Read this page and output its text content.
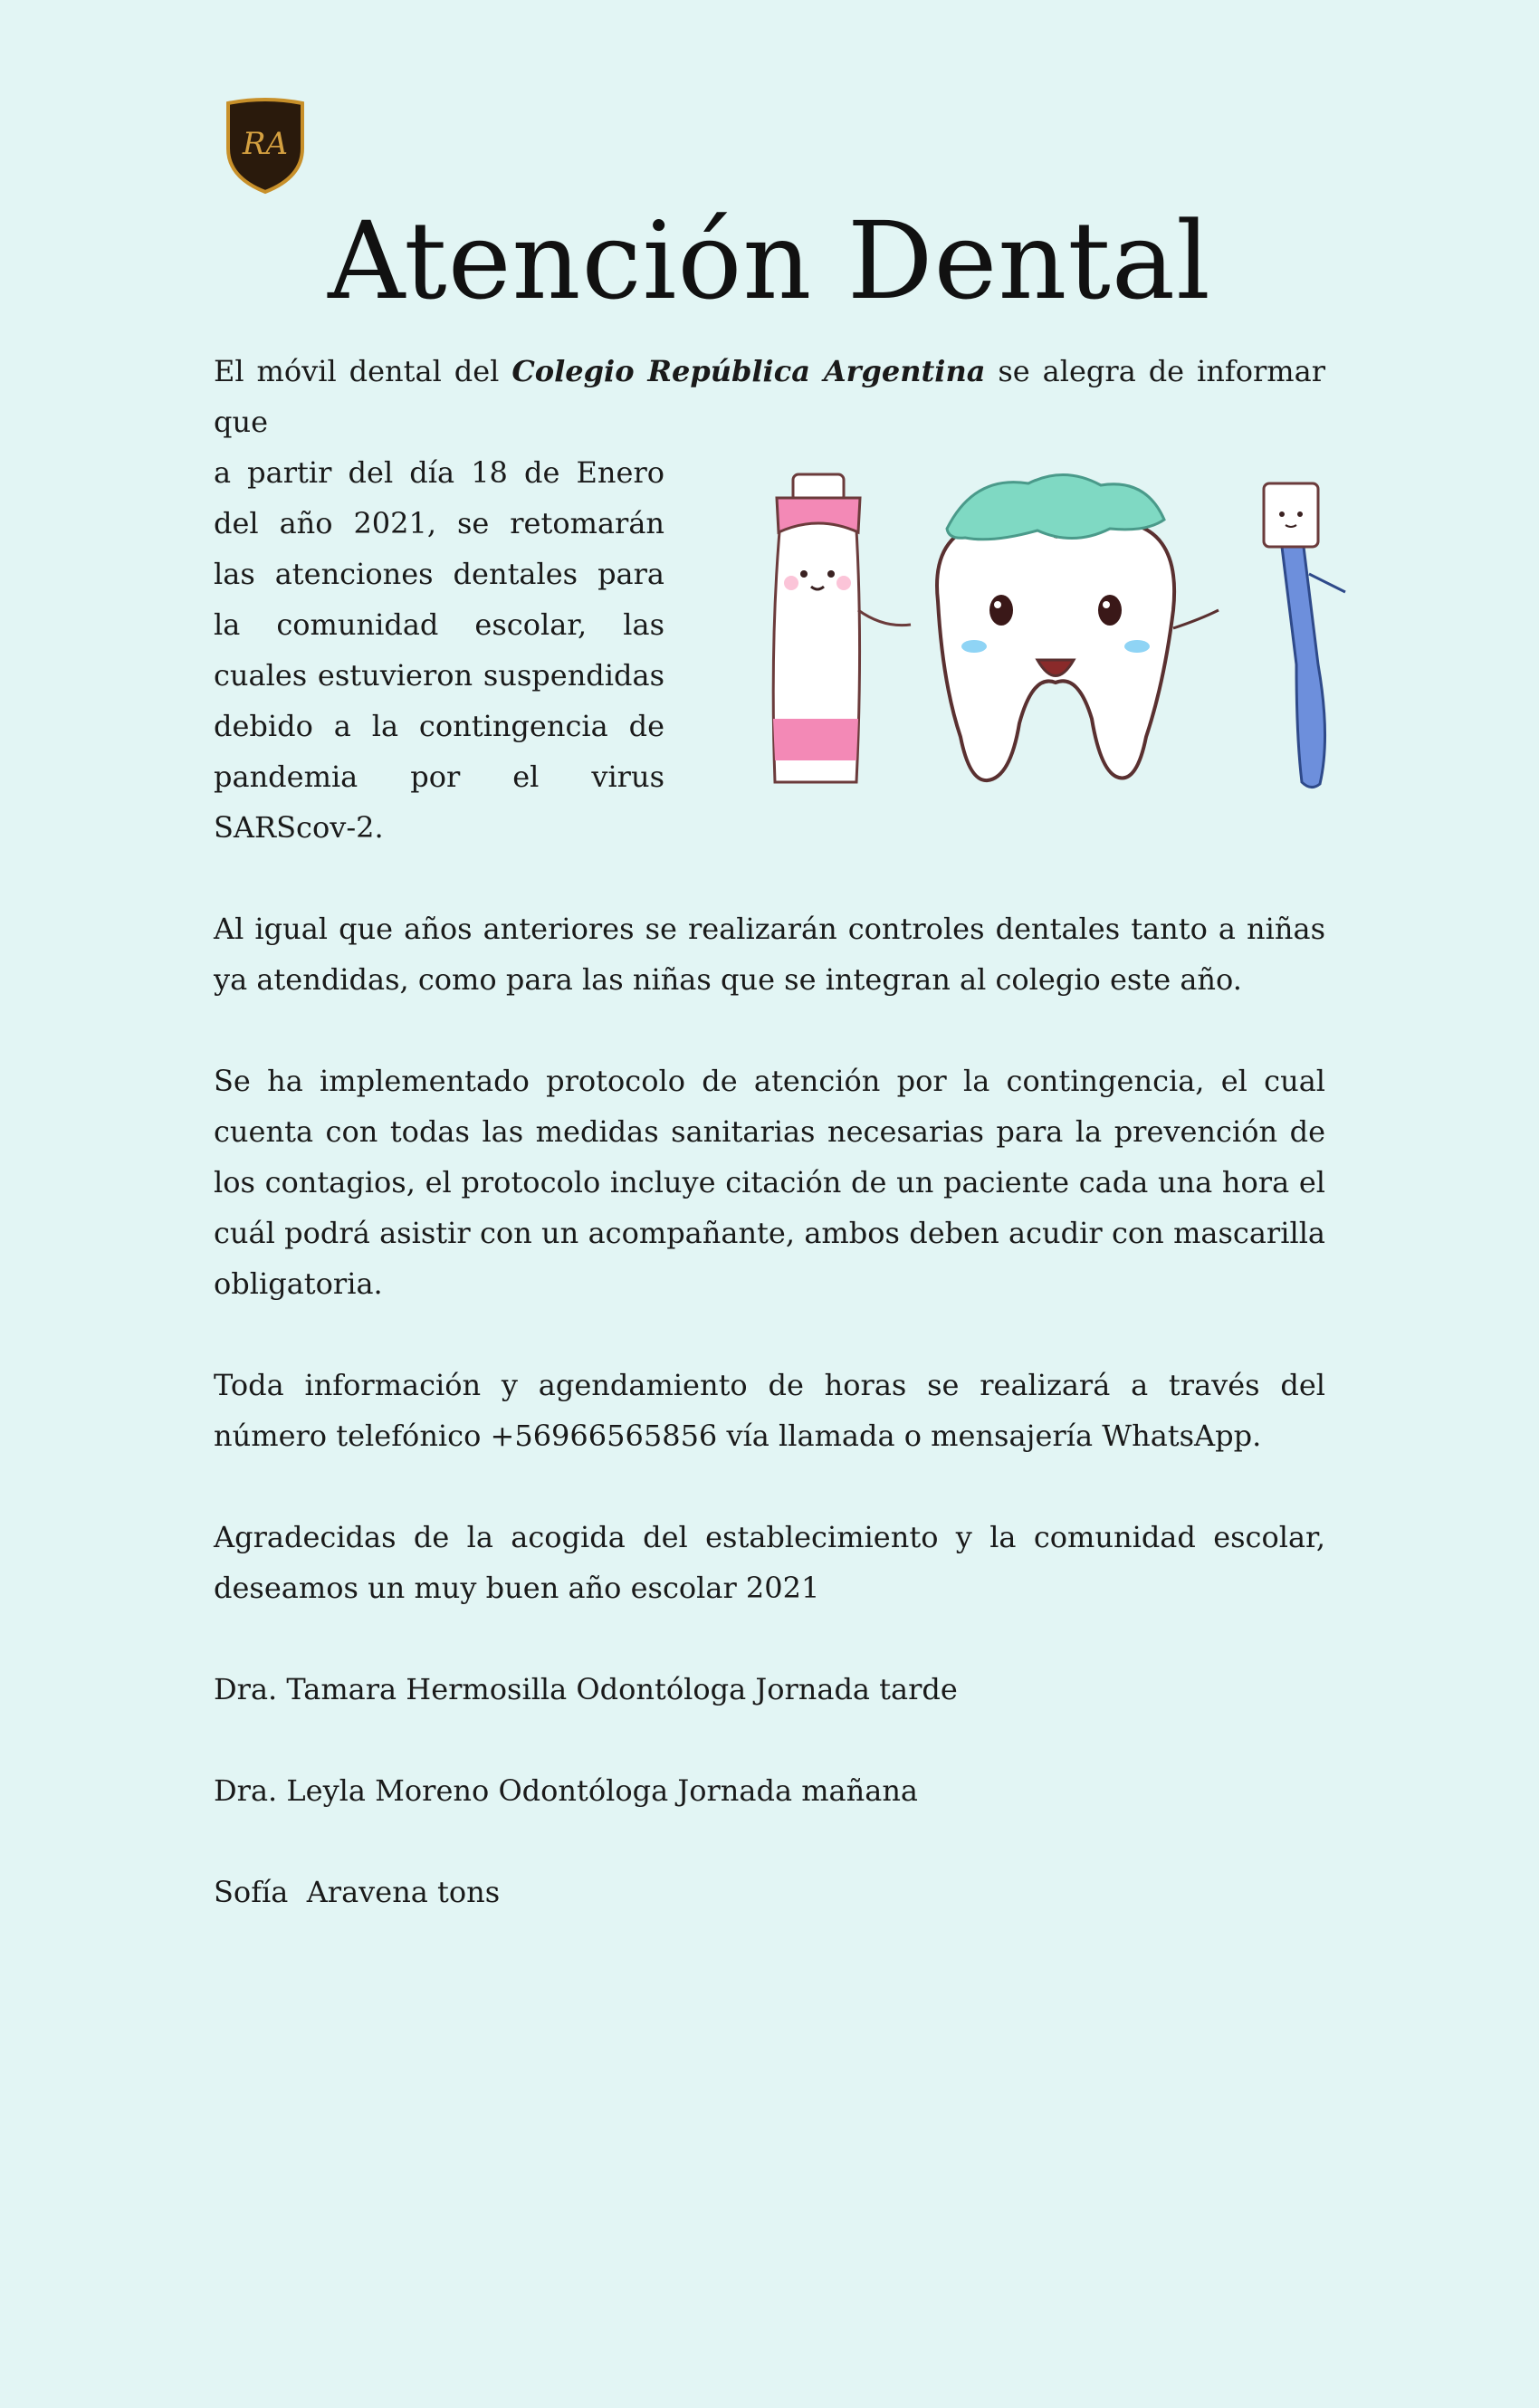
RA
Atención Dental

El móvil dental del Colegio República Argentina se alegra de informar que

a partir del día 18 de Enero del año 2021, se retomarán las atenciones dentales para la comunidad escolar, las cuales estuvieron suspendidas debido a la contingencia de pandemia por el virus SARScov-2.

Al igual que años anteriores se realizarán controles dentales tanto a niñas ya atendidas, como para las niñas que se integran al colegio este año.

Se ha implementado protocolo de atención por la contingencia, el cual cuenta con todas las medidas sanitarias necesarias para la prevención de los contagios, el protocolo incluye citación de un paciente cada una hora el cuál podrá asistir con un acompañante, ambos deben acudir con mascarilla obligatoria.

Toda información y agendamiento de horas se realizará a través del número telefónico +56966565856 vía llamada o mensajería WhatsApp.

Agradecidas de la acogida del establecimiento y la comunidad escolar, deseamos un muy buen año escolar 2021

Dra. Tamara Hermosilla Odontóloga Jornada tarde

Dra. Leyla Moreno Odontóloga Jornada mañana

Sofía  Aravena tons
